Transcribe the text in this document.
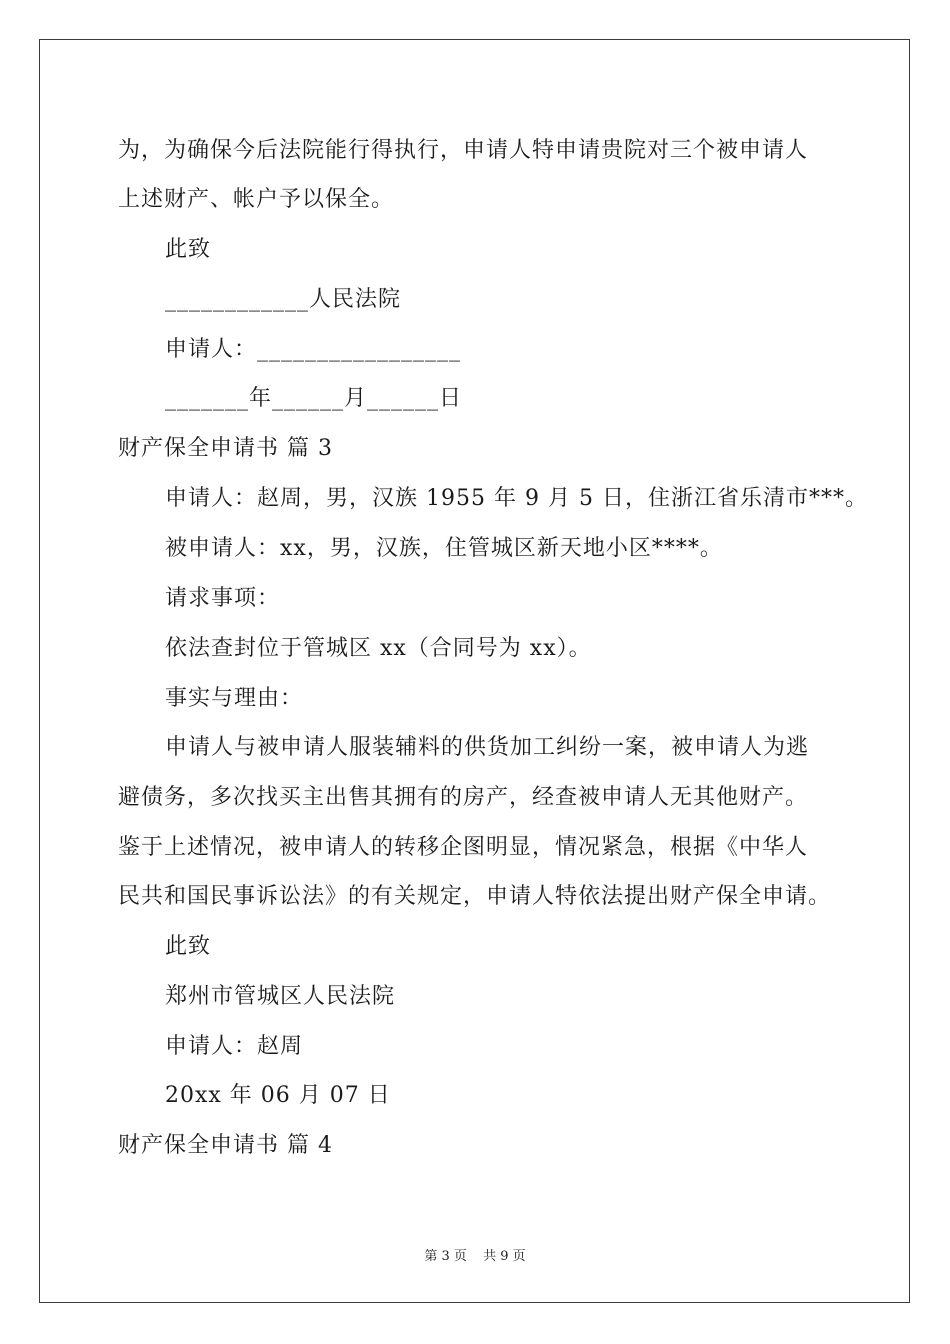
为，为确保今后法院能行得执行，申请人特申请贵院对三个被申请人
上述财产、帐户予以保全。
此致
____________人民法院
申请人：_________________
_______年______月______日
财产保全申请书 篇 3
申请人：赵周，男，汉族 1955 年 9 月 5 日，住浙江省乐清市***。
被申请人：xx，男，汉族，住管城区新天地小区****。
请求事项：
依法查封位于管城区 xx（合同号为 xx）。
事实与理由：
申请人与被申请人服装辅料的供货加工纠纷一案，被申请人为逃
避债务，多次找买主出售其拥有的房产，经查被申请人无其他财产。
鉴于上述情况，被申请人的转移企图明显，情况紧急，根据《中华人
民共和国民事诉讼法》的有关规定，申请人特依法提出财产保全申请。
此致
郑州市管城区人民法院
申请人：赵周
20xx 年 06 月 07 日
财产保全申请书 篇 4
第 3 页 共 9 页
